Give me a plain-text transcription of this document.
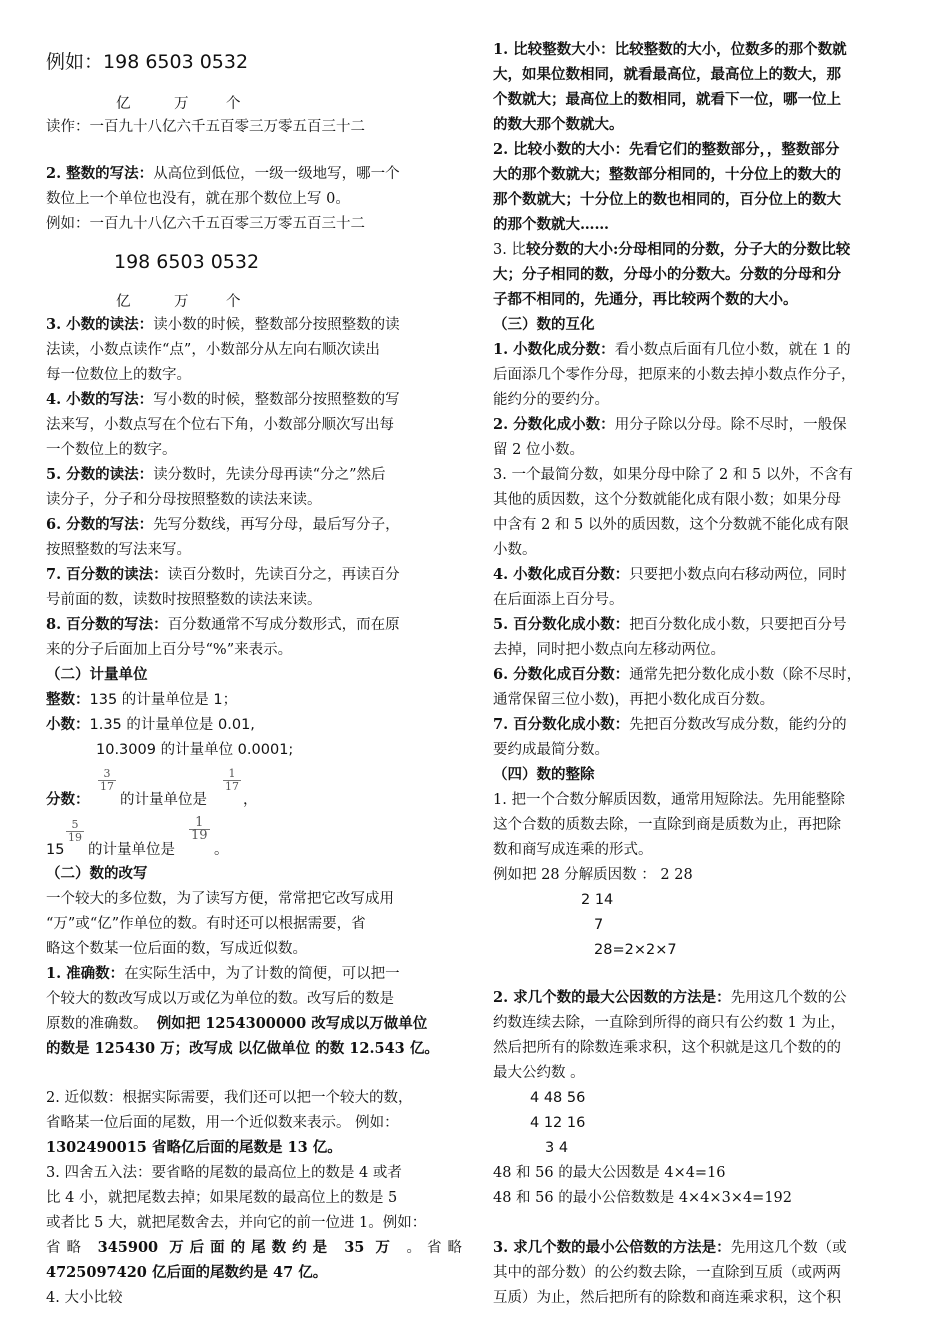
例如：198 6503 0532
亿	万	个
读作：一百九十八亿六千五百零三万零五百三十二
2. 整数的写法：从高位到低位，一级一级地写，哪一个
数位上一个单位也没有，就在那个数位上写 0。
例如：一百九十八亿六千五百零三万零五百三十二
198 6503 0532
亿	万	个
3. 小数的读法：读小数的时候，整数部分按照整数的读
法读，小数点读作“点”，小数部分从左向右顺次读出
每一位数位上的数字。
4. 小数的写法：写小数的时候，整数部分按照整数的写
法来写，小数点写在个位右下角，小数部分顺次写出每
一个数位上的数字。
5. 分数的读法：读分数时，先读分母再读“分之”然后
读分子，分子和分母按照整数的读法来读。
6. 分数的写法：先写分数线，再写分母，最后写分子，
按照整数的写法来写。
7. 百分数的读法：读百分数时，先读百分之，再读百分
号前面的数，读数时按照整数的读法来读。
8. 百分数的写法：百分数通常不写成分数形式，而在原
来的分子后面加上百分号“%”来表示。
（二）计量单位
整数：135 的计量单位是 1；
小数：1.35 的计量单位是 0.01,
10.3009 的计量单位 0.0001;
分数：
$\frac{3}{17}$
的计量单位是
$\frac{1}{17}$
，
15
$\frac{5}{19}$
的计量单位是
$\frac{1}{19}$
。
（二）数的改写
一个较大的多位数，为了读写方便，常常把它改写成用
“万”或“亿”作单位的数。有时还可以根据需要，省
略这个数某一位后面的数，写成近似数。
1. 准确数：在实际生活中，为了计数的简便，可以把一
个较大的数改写成以万或亿为单位的数。改写后的数是
原数的准确数。 例如把 1254300000 改写成以万做单位
的数是 125430 万；改写成 以亿做单位 的数 12.543 亿。
2. 近似数：根据实际需要，我们还可以把一个较大的数，
省略某一位后面的尾数，用一个近似数来表示。 例如：
1302490015 省略亿后面的尾数是 13 亿。
3. 四舍五入法：要省略的尾数的最高位上的数是 4 或者
比 4 小，就把尾数去掉；如果尾数的最高位上的数是 5
或者比 5 大，就把尾数舍去，并向它的前一位进 1。例如：
省略 345900 万后面的尾数约是 35 万 。省略
4725097420 亿后面的尾数约是 47 亿。
4. 大小比较
1. 比较整数大小：比较整数的大小，位数多的那个数就
大，如果位数相同，就看最高位，最高位上的数大，那
个数就大；最高位上的数相同，就看下一位，哪一位上
的数大那个数就大。
2. 比较小数的大小：先看它们的整数部分，，整数部分
大的那个数就大；整数部分相同的，十分位上的数大的
那个数就大；十分位上的数也相同的，百分位上的数大
的那个数就大……
3. 比较分数的大小:分母相同的分数，分子大的分数比较
大；分子相同的数，分母小的分数大。分数的分母和分
子都不相同的，先通分，再比较两个数的大小。
（三）数的互化
1. 小数化成分数：看小数点后面有几位小数，就在 1 的
后面添几个零作分母，把原来的小数去掉小数点作分子，
能约分的要约分。
2. 分数化成小数：用分子除以分母。除不尽时，一般保
留 2 位小数。
3. 一个最简分数，如果分母中除了 2 和 5 以外，不含有
其他的质因数，这个分数就能化成有限小数；如果分母
中含有 2 和 5 以外的质因数，这个分数就不能化成有限
小数。
4. 小数化成百分数：只要把小数点向右移动两位，同时
在后面添上百分号。
5. 百分数化成小数：把百分数化成小数，只要把百分号
去掉，同时把小数点向左移动两位。
6. 分数化成百分数：通常先把分数化成小数（除不尽时，
通常保留三位小数)，再把小数化成百分数。
7. 百分数化成小数：先把百分数改写成分数，能约分的
要约成最简分数。
（四）数的整除
1. 把一个合数分解质因数，通常用短除法。先用能整除
这个合数的质数去除，一直除到商是质数为止，再把除
数和商写成连乘的形式。
例如把 28 分解质因数 ： 2 28
2 14
7
28=2×2×7
2. 求几个数的最大公因数的方法是：先用这几个数的公
约数连续去除，一直除到所得的商只有公约数 1 为止，
然后把所有的除数连乘求积，这个积就是这几个数的的
最大公约数 。
4 48 56
4 12 16
3 4
48 和 56 的最大公因数是 4×4=16
48 和 56 的最小公倍数数是 4×4×3×4=192
3. 求几个数的最小公倍数的方法是：先用这几个数（或
其中的部分数）的公约数去除，一直除到互质（或两两
互质）为止，然后把所有的除数和商连乘求积，这个积
